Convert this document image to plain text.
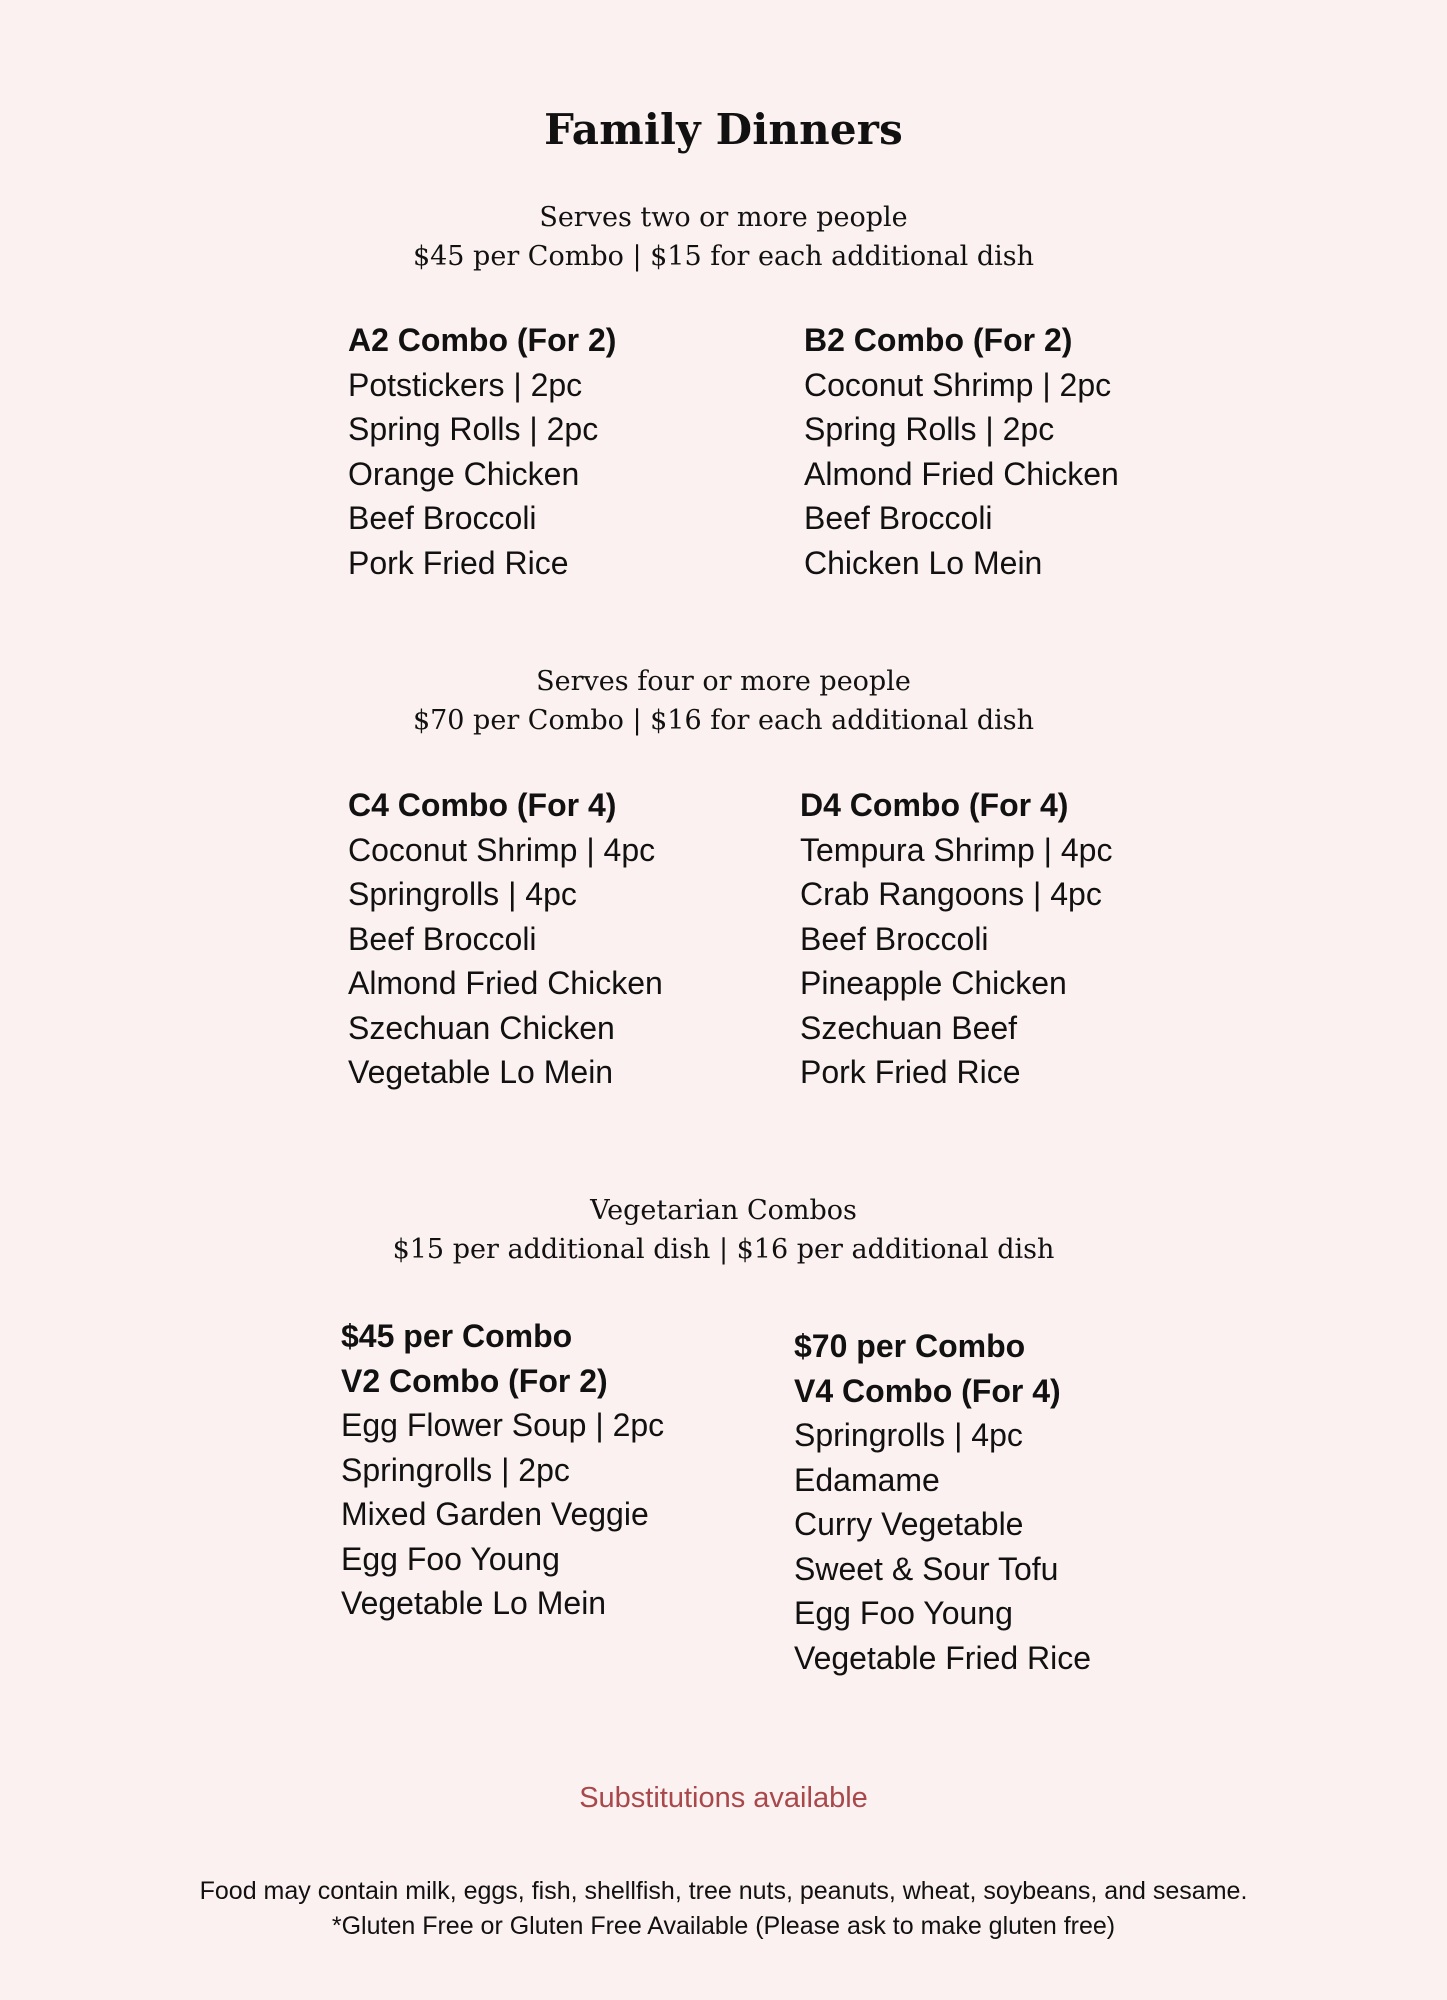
Family Dinners
Serves two or more people
$45 per Combo | $15 for each additional dish
A2 Combo (For 2)
Potstickers | 2pc
Spring Rolls | 2pc
Orange Chicken
Beef Broccoli
Pork Fried Rice
B2 Combo (For 2)
Coconut Shrimp | 2pc
Spring Rolls | 2pc
Almond Fried Chicken
Beef Broccoli
Chicken Lo Mein
Serves four or more people
$70 per Combo | $16 for each additional dish
C4 Combo (For 4)
Coconut Shrimp | 4pc
Springrolls | 4pc
Beef Broccoli
Almond Fried Chicken
Szechuan Chicken
Vegetable Lo Mein
D4 Combo (For 4)
Tempura Shrimp | 4pc
Crab Rangoons | 4pc
Beef Broccoli
Pineapple Chicken
Szechuan Beef
Pork Fried Rice
Vegetarian Combos
$15 per additional dish | $16 per additional dish
$45 per Combo
V2 Combo (For 2)
Egg Flower Soup | 2pc
Springrolls | 2pc
Mixed Garden Veggie
Egg Foo Young
Vegetable Lo Mein
$70 per Combo
V4 Combo (For 4)
Springrolls | 4pc
Edamame
Curry Vegetable
Sweet & Sour Tofu
Egg Foo Young
Vegetable Fried Rice
Substitutions available
Food may contain milk, eggs, fish, shellfish, tree nuts, peanuts, wheat, soybeans, and sesame.
*Gluten Free or Gluten Free Available (Please ask to make gluten free)
